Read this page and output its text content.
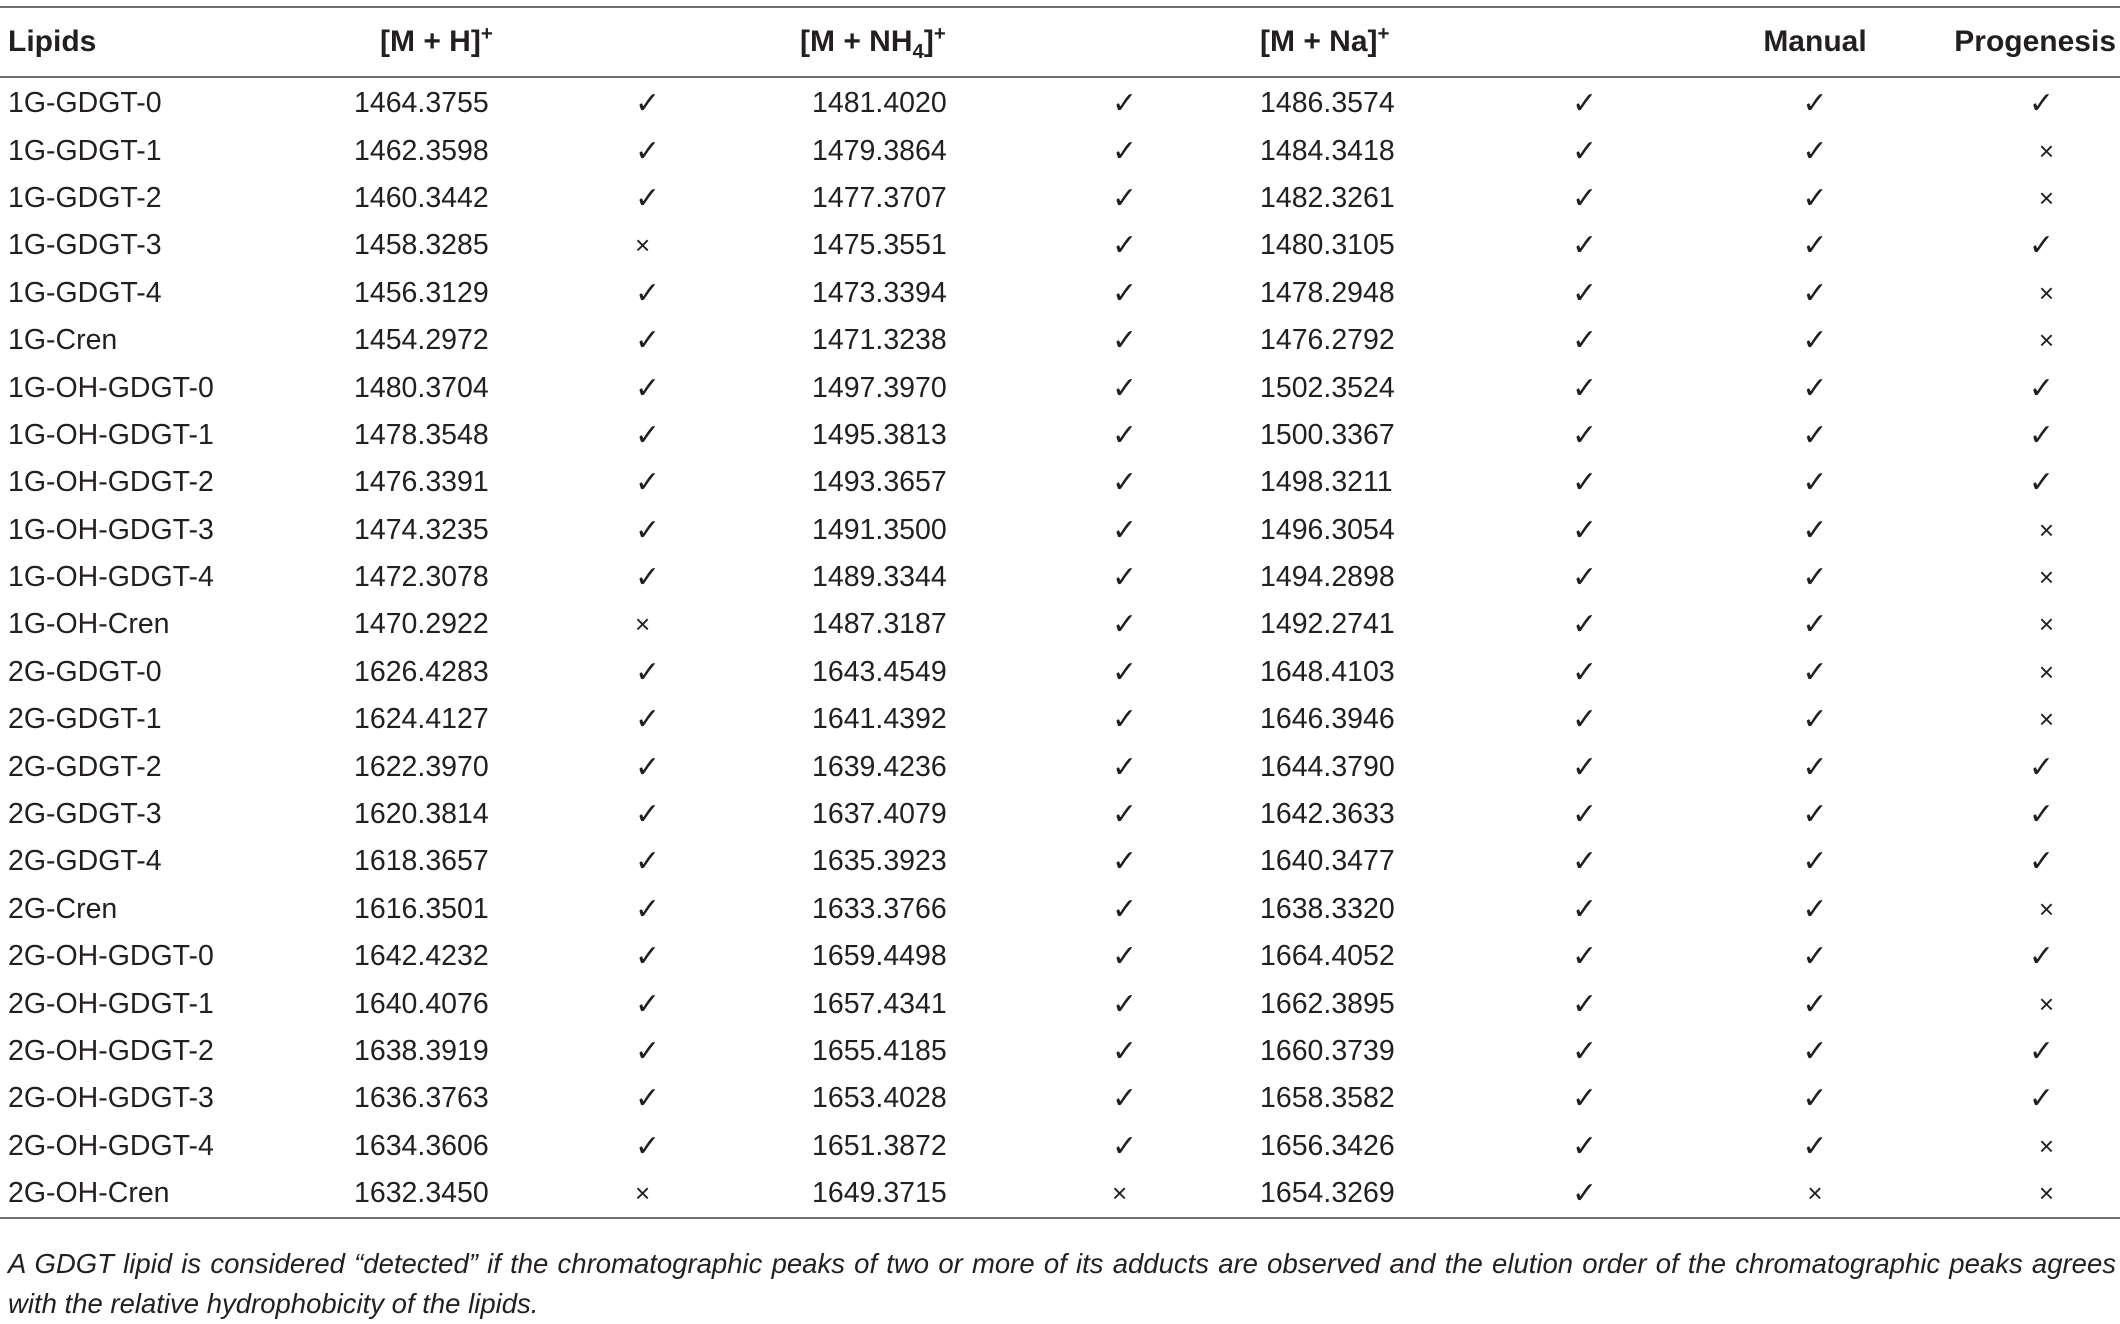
Lipids	[M + H]+		$[M + NH_4]^+$		[M + Na]+		Manual	Progenesis

1G-GDGT-0	1464.3755	✓	1481.4020	✓	1486.3574	✓	✓	✓
1G-GDGT-1	1462.3598	✓	1479.3864	✓	1484.3418	✓	✓	×
1G-GDGT-2	1460.3442	✓	1477.3707	✓	1482.3261	✓	✓	×
1G-GDGT-3	1458.3285	×	1475.3551	✓	1480.3105	✓	✓	✓
1G-GDGT-4	1456.3129	✓	1473.3394	✓	1478.2948	✓	✓	×
1G-Cren	1454.2972	✓	1471.3238	✓	1476.2792	✓	✓	×
1G-OH-GDGT-0	1480.3704	✓	1497.3970	✓	1502.3524	✓	✓	✓
1G-OH-GDGT-1	1478.3548	✓	1495.3813	✓	1500.3367	✓	✓	✓
1G-OH-GDGT-2	1476.3391	✓	1493.3657	✓	1498.3211	✓	✓	✓
1G-OH-GDGT-3	1474.3235	✓	1491.3500	✓	1496.3054	✓	✓	×
1G-OH-GDGT-4	1472.3078	✓	1489.3344	✓	1494.2898	✓	✓	×
1G-OH-Cren	1470.2922	×	1487.3187	✓	1492.2741	✓	✓	×
2G-GDGT-0	1626.4283	✓	1643.4549	✓	1648.4103	✓	✓	×
2G-GDGT-1	1624.4127	✓	1641.4392	✓	1646.3946	✓	✓	×
2G-GDGT-2	1622.3970	✓	1639.4236	✓	1644.3790	✓	✓	✓
2G-GDGT-3	1620.3814	✓	1637.4079	✓	1642.3633	✓	✓	✓
2G-GDGT-4	1618.3657	✓	1635.3923	✓	1640.3477	✓	✓	✓
2G-Cren	1616.3501	✓	1633.3766	✓	1638.3320	✓	✓	×
2G-OH-GDGT-0	1642.4232	✓	1659.4498	✓	1664.4052	✓	✓	✓
2G-OH-GDGT-1	1640.4076	✓	1657.4341	✓	1662.3895	✓	✓	×
2G-OH-GDGT-2	1638.3919	✓	1655.4185	✓	1660.3739	✓	✓	✓
2G-OH-GDGT-3	1636.3763	✓	1653.4028	✓	1658.3582	✓	✓	✓
2G-OH-GDGT-4	1634.3606	✓	1651.3872	✓	1656.3426	✓	✓	×
2G-OH-Cren	1632.3450	×	1649.3715	×	1654.3269	✓	×	×
A GDGT lipid is considered “detected” if the chromatographic peaks of two or more of its adducts are observed and the elution order of the chromatographic peaks agrees with the relative hydrophobicity of the lipids.
